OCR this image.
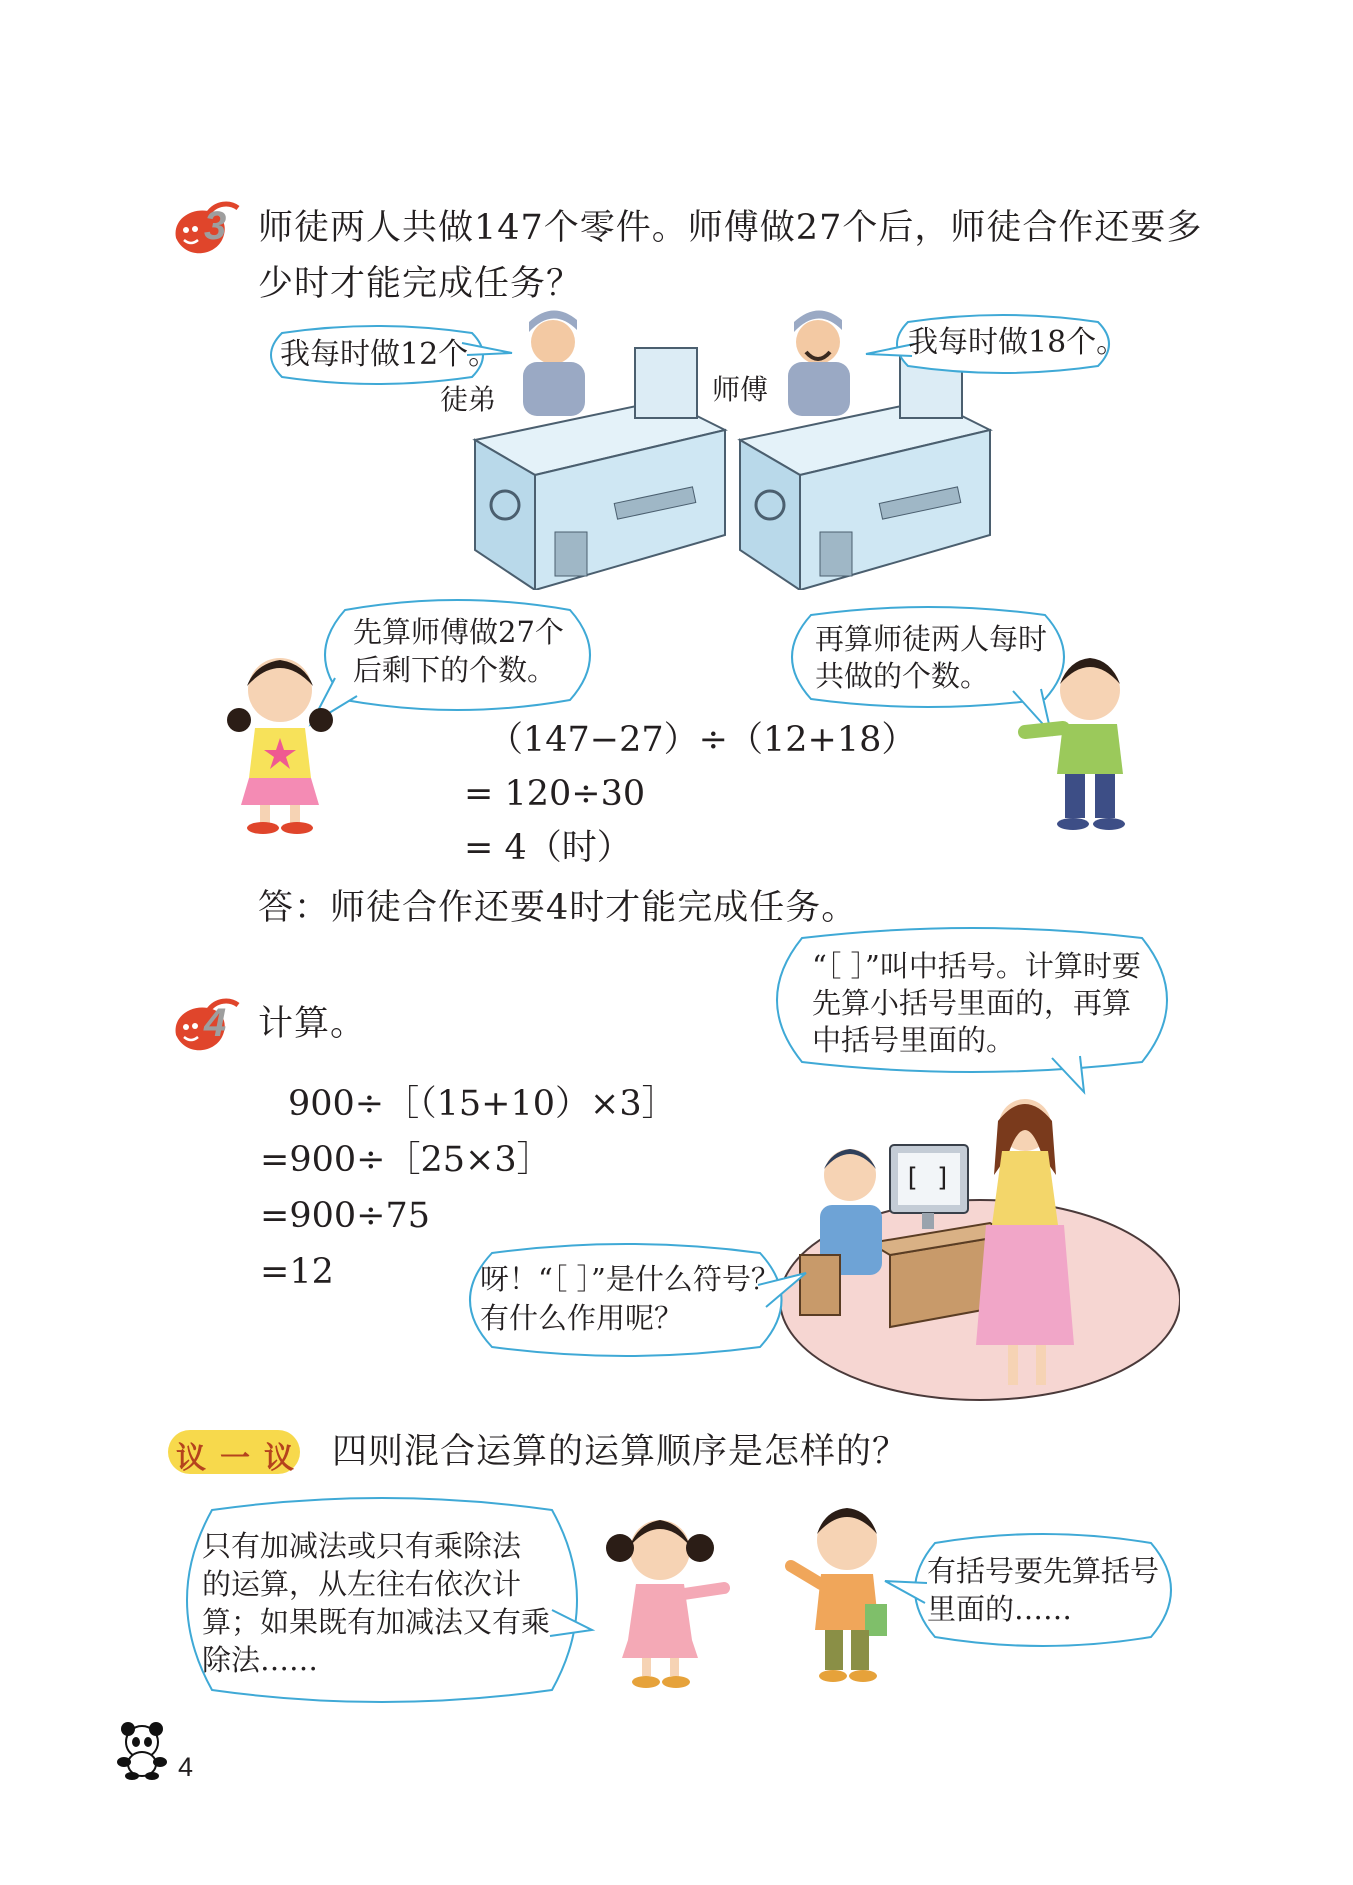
3 师徒两人共做147个零件。师傅做27个后，师徒合作还要多
少时才能完成任务？
我每时做12个。
徒弟	师傅
我每时做18个。
先算师傅做27个
后剩下的个数。
再算师徒两人每时
共做的个数。
（147−27）÷（12+18）
= 120÷30
= 4（时）
答：师徒合作还要4时才能完成任务。
4 计算。
“［ ］”叫中括号。计算时要
先算小括号里面的，再算
中括号里面的。
900÷［（15+10）×3］
=900÷［25×3］
=900÷75
=12
[ ]
呀！“［ ］”是什么符号？
有什么作用呢？
议 一 议 四则混合运算的运算顺序是怎样的？
只有加减法或只有乘除法
的运算，从左往右依次计
算；如果既有加减法又有乘
除法……
有括号要先算括号
里面的……
4
